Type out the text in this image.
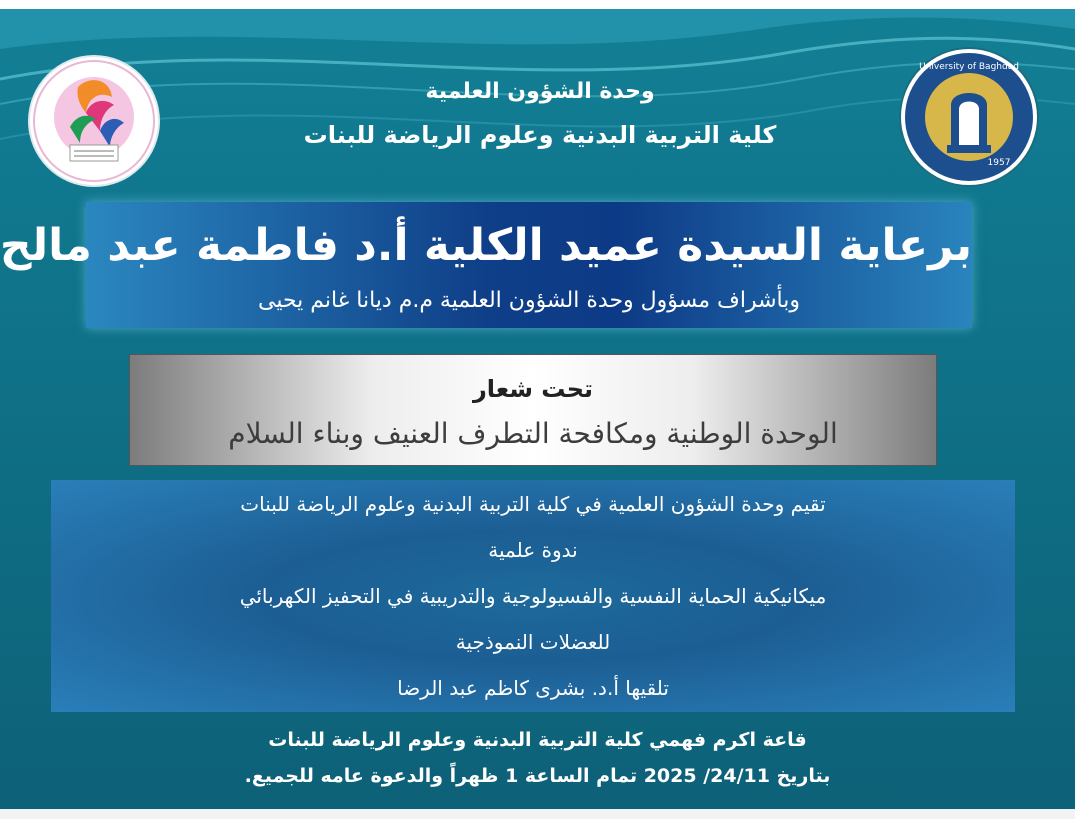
University of Baghdad
1957
وحدة الشؤون العلمية
كلية التربية البدنية وعلوم الرياضة للبنات
برعاية السيدة عميد الكلية أ.د فاطمة عبد مالح
وبأشراف مسؤول وحدة الشؤون العلمية م.م ديانا غانم يحيى
تحت شعار
الوحدة الوطنية ومكافحة التطرف العنيف وبناء السلام
تقيم وحدة الشؤون العلمية في كلية التربية البدنية وعلوم الرياضة للبنات
ندوة علمية
ميكانيكية الحماية النفسية والفسيولوجية والتدريبية في التحفيز الكهربائي
للعضلات النموذجية
تلقيها أ.د. بشرى كاظم عبد الرضا
قاعة اكرم فهمي كلية التربية البدنية وعلوم الرياضة للبنات
بتاريخ 24/11/ 2025 تمام الساعة 1 ظهراً والدعوة عامه للجميع.
